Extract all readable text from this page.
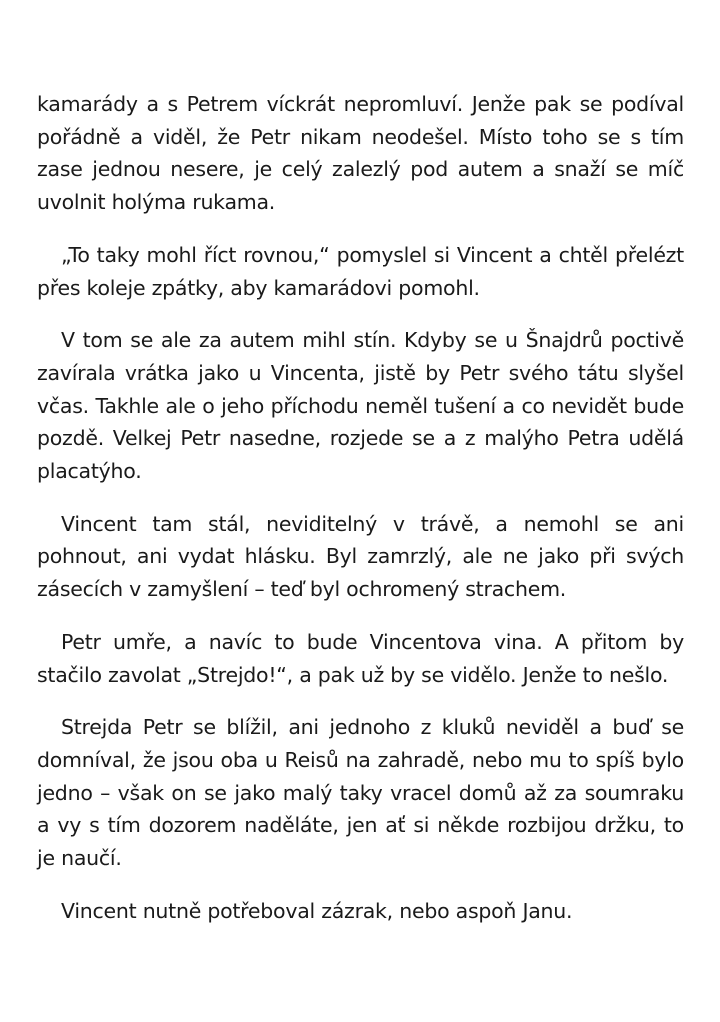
kamarády a s Petrem víckrát nepromluví. Jenže pak se podíval pořádně a viděl, že Petr nikam neodešel. Místo toho se s tím zase jednou nesere, je celý zalezlý pod autem a snaží se míč uvolnit holýma rukama.

„To taky mohl říct rovnou,“ pomyslel si Vincent a chtěl přelézt přes koleje zpátky, aby kamarádovi pomohl.

V tom se ale za autem mihl stín. Kdyby se u Šnajdrů poctivě zavírala vrátka jako u Vincenta, jistě by Petr svého tátu slyšel včas. Takhle ale o jeho příchodu neměl tušení a co nevidět bude pozdě. Velkej Petr nasedne, rozjede se a z malýho Petra udělá placatýho.

Vincent tam stál, neviditelný v trávě, a nemohl se ani pohnout, ani vydat hlásku. Byl zamrzlý, ale ne jako při svých zásecích v zamyšlení – teď byl ochromený strachem.

Petr umře, a navíc to bude Vincentova vina. A přitom by stačilo zavolat „Strejdo!“, a pak už by se vidělo. Jenže to nešlo.

Strejda Petr se blížil, ani jednoho z kluků neviděl a buď se domníval, že jsou oba u Reisů na zahradě, nebo mu to spíš bylo jedno – však on se jako malý taky vracel domů až za soumraku a vy s tím dozorem naděláte, jen ať si někde rozbijou držku, to je naučí.

Vincent nutně potřeboval zázrak, nebo aspoň Janu.
